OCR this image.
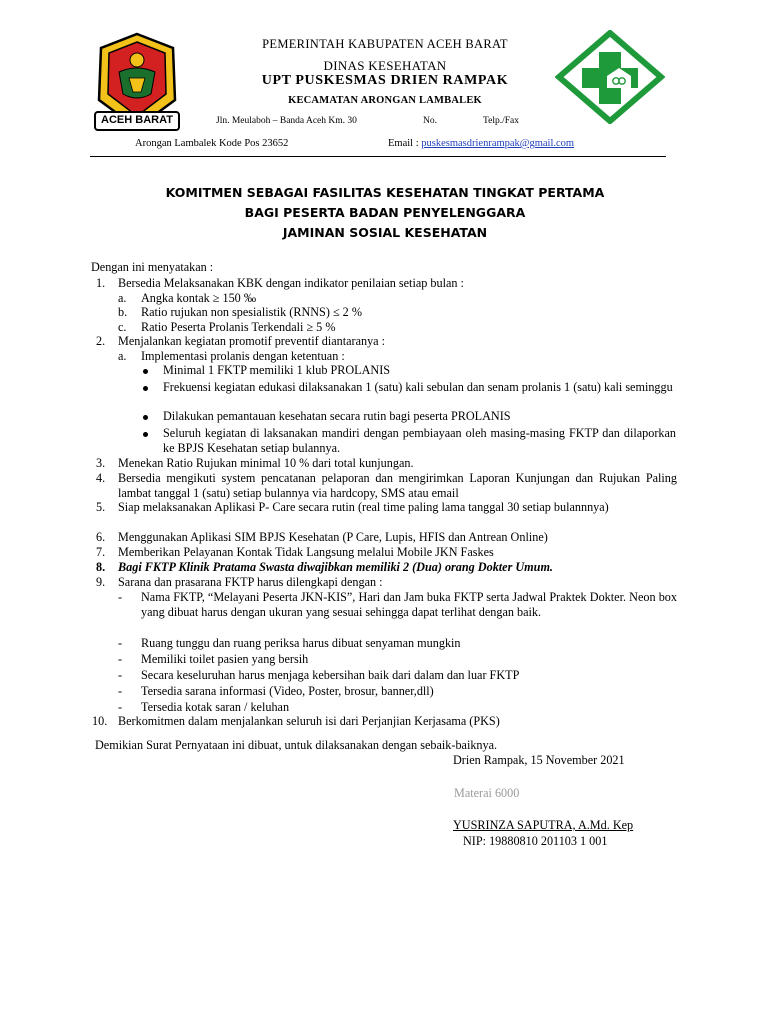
ACEH BARAT
PEMERINTAH KABUPATEN ACEH BARAT
DINAS KESEHATAN
UPT PUSKESMAS DRIEN RAMPAK
KECAMATAN ARONGAN LAMBALEK
Jln. Meulaboh – Banda Aceh Km. 30	No.	Telp./Fax
Arongan Lambalek Kode Pos 23652	Email : puskesmasdrienrampak@gmail.com
KOMITMEN SEBAGAI FASILITAS KESEHATAN TINGKAT PERTAMA
BAGI PESERTA BADAN PENYELENGGARA
JAMINAN SOSIAL KESEHATAN
Dengan ini menyatakan :
1. Bersedia Melaksanakan KBK dengan indikator penilaian setiap bulan :
a. Angka kontak ≥ 150 ‰
b. Ratio rujukan non spesialistik (RNNS) ≤ 2 %
c. Ratio Peserta Prolanis Terkendali ≥ 5 %
2. Menjalankan kegiatan promotif preventif diantaranya :
a. Implementasi prolanis dengan ketentuan :
Minimal 1 FKTP memiliki 1 klub PROLANIS
Frekuensi kegiatan edukasi dilaksanakan 1 (satu) kali sebulan dan senam prolanis 1 (satu) kali seminggu
Dilakukan pemantauan kesehatan secara rutin bagi peserta PROLANIS
Seluruh kegiatan di laksanakan mandiri dengan pembiayaan oleh masing-masing FKTP dan dilaporkan ke BPJS Kesehatan setiap bulannya.
3. Menekan Ratio Rujukan minimal 10 % dari total kunjungan.
4. Bersedia mengikuti system pencatanan pelaporan dan mengirimkan Laporan Kunjungan dan Rujukan Paling lambat tanggal 1 (satu) setiap bulannya via hardcopy, SMS atau email
5. Siap melaksanakan Aplikasi P- Care secara rutin (real time paling lama tanggal 30 setiap bulannnya)
6. Menggunakan Aplikasi SIM BPJS Kesehatan (P Care, Lupis, HFIS dan Antrean Online)
7. Memberikan Pelayanan Kontak Tidak Langsung melalui Mobile JKN Faskes
8. Bagi FKTP Klinik Pratama Swasta diwajibkan memiliki 2 (Dua) orang Dokter Umum.
9. Sarana dan prasarana FKTP harus dilengkapi dengan :
- Nama FKTP, “Melayani Peserta JKN-KIS”, Hari dan Jam buka FKTP serta Jadwal Praktek Dokter. Neon box yang dibuat harus dengan ukuran yang sesuai sehingga dapat terlihat dengan baik.
- Ruang tunggu dan ruang periksa harus dibuat senyaman mungkin
- Memiliki toilet pasien yang bersih
- Secara keseluruhan harus menjaga kebersihan baik dari dalam dan luar FKTP
- Tersedia sarana informasi (Video, Poster, brosur, banner,dll)
- Tersedia kotak saran / keluhan
10. Berkomitmen dalam menjalankan seluruh isi dari Perjanjian Kerjasama (PKS)
Demikian Surat Pernyataan ini dibuat, untuk dilaksanakan dengan sebaik-baiknya.
Drien Rampak, 15 November 2021
Materai 6000
YUSRINZA SAPUTRA, A.Md. Kep
NIP: 19880810 201103 1 001
